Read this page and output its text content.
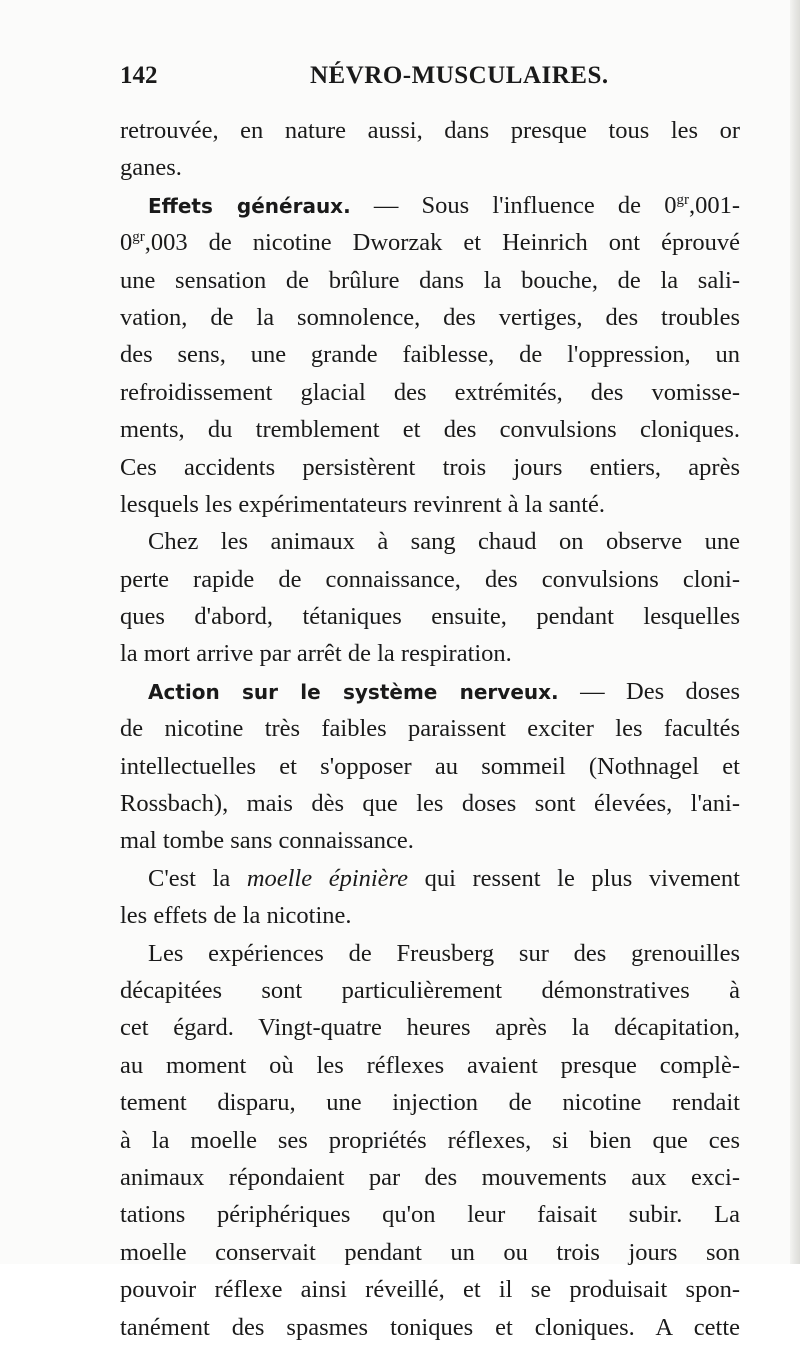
142	NÉVRO-MUSCULAIRES.
retrouvée, en nature aussi, dans presque tous les or
ganes.
Effets généraux. — Sous l'influence de $0^{gr},001-$
$0^{gr},003$ de nicotine Dworzak et Heinrich ont éprouvé
une sensation de brûlure dans la bouche, de la sali-
vation, de la somnolence, des vertiges, des troubles
des sens, une grande faiblesse, de l'oppression, un
refroidissement glacial des extrémités, des vomisse-
ments, du tremblement et des convulsions cloniques.
Ces accidents persistèrent trois jours entiers, après
lesquels les expérimentateurs revinrent à la santé.
Chez les animaux à sang chaud on observe une
perte rapide de connaissance, des convulsions cloni-
ques d'abord, tétaniques ensuite, pendant lesquelles
la mort arrive par arrêt de la respiration.
Action sur le système nerveux. — Des doses
de nicotine très faibles paraissent exciter les facultés
intellectuelles et s'opposer au sommeil (Nothnagel et
Rossbach), mais dès que les doses sont élevées, l'ani-
mal tombe sans connaissance.
C'est la moelle épinière qui ressent le plus vivement
les effets de la nicotine.
Les expériences de Freusberg sur des grenouilles
décapitées sont particulièrement démonstratives à
cet égard. Vingt-quatre heures après la décapitation,
au moment où les réflexes avaient presque complè-
tement disparu, une injection de nicotine rendait
à la moelle ses propriétés réflexes, si bien que ces
animaux répondaient par des mouvements aux exci-
tations périphériques qu'on leur faisait subir. La
moelle conservait pendant un ou trois jours son
pouvoir réflexe ainsi réveillé, et il se produisait spon-
tanément des spasmes toniques et cloniques. A cette
